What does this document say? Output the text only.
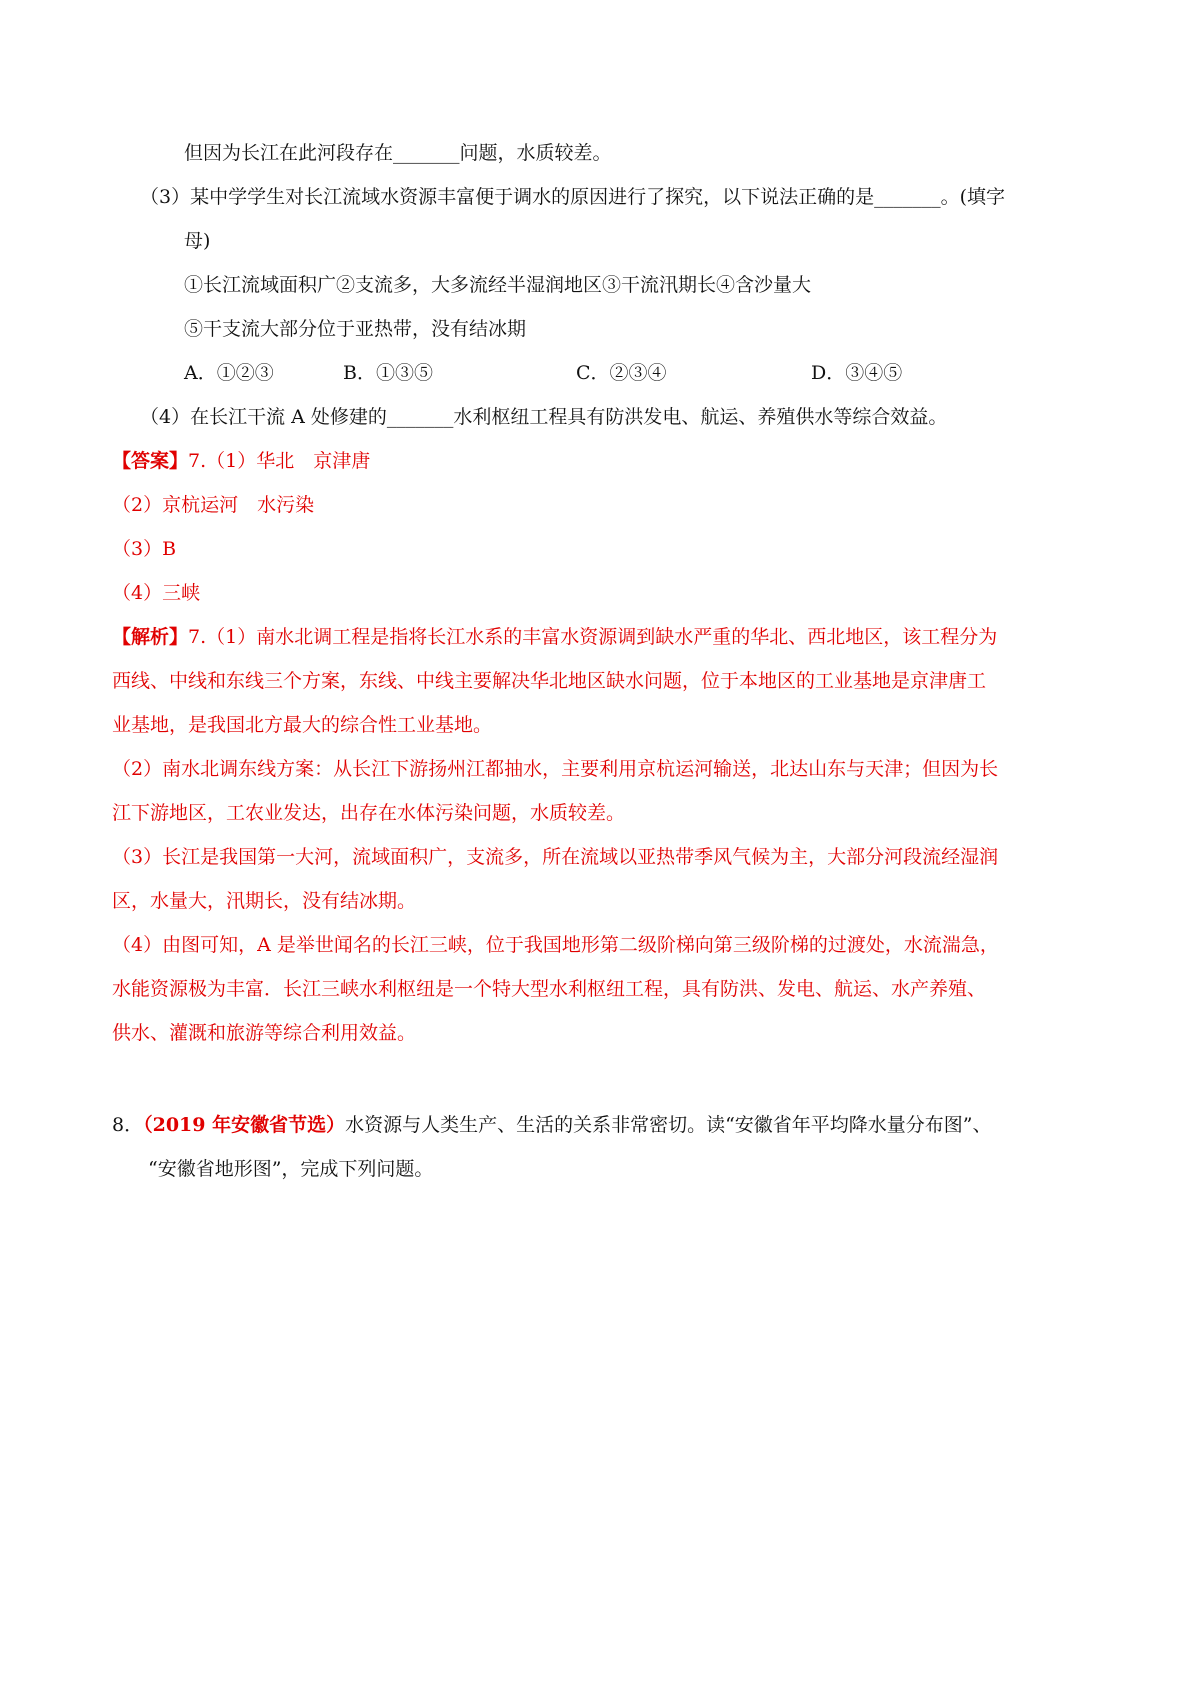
但因为长江在此河段存在_______问题，水质较差。
（3）某中学学生对长江流域水资源丰富便于调水的原因进行了探究，以下说法正确的是_______。(填字
母)
①长江流域面积广②支流多，大多流经半湿润地区③干流汛期长④含沙量大
⑤干支流大部分位于亚热带，没有结冰期
A．①②③	B．①③⑤	C．②③④	D．③④⑤
（4）在长江干流 A 处修建的_______水利枢纽工程具有防洪发电、航运、养殖供水等综合效益。
【答案】7.（1）华北　京津唐
（2）京杭运河　水污染
（3）B
（4）三峡
【解析】7.（1）南水北调工程是指将长江水系的丰富水资源调到缺水严重的华北、西北地区，该工程分为
西线、中线和东线三个方案，东线、中线主要解决华北地区缺水问题，位于本地区的工业基地是京津唐工
业基地，是我国北方最大的综合性工业基地。
（2）南水北调东线方案：从长江下游扬州江都抽水，主要利用京杭运河输送，北达山东与天津；但因为长
江下游地区，工农业发达，出存在水体污染问题，水质较差。
（3）长江是我国第一大河，流域面积广，支流多，所在流域以亚热带季风气候为主，大部分河段流经湿润
区，水量大，汛期长，没有结冰期。
（4）由图可知，A 是举世闻名的长江三峡，位于我国地形第二级阶梯向第三级阶梯的过渡处，水流湍急，
水能资源极为丰富．长江三峡水利枢纽是一个特大型水利枢纽工程，具有防洪、发电、航运、水产养殖、
供水、灌溉和旅游等综合利用效益。
8．（2019 年安徽省节选）水资源与人类生产、生活的关系非常密切。读“安徽省年平均降水量分布图”、
“安徽省地形图”，完成下列问题。
